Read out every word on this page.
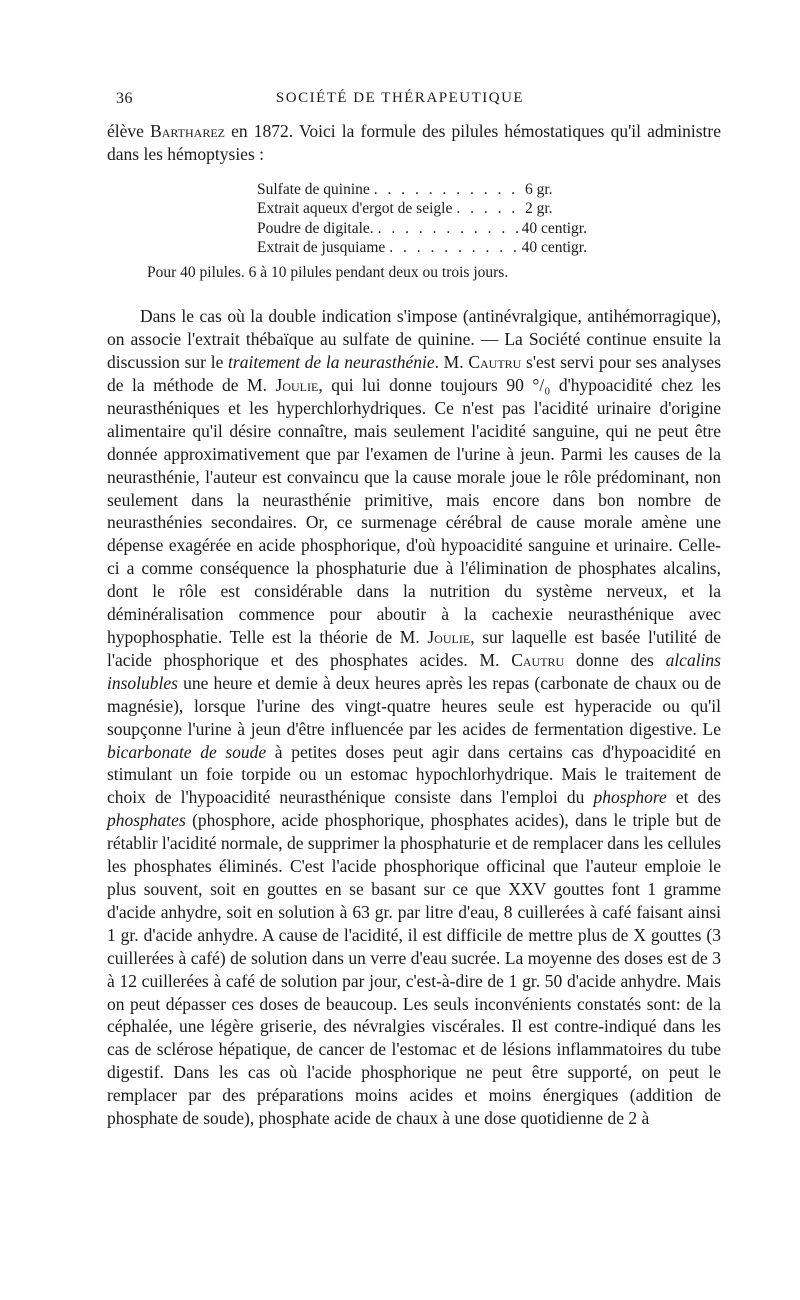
36	SOCIÉTÉ DE THÉRAPEUTIQUE

élève Bartharez en 1872. Voici la formule des pilules hémostatiques qu'il administre dans les hémoptysies :

Sulfate de quinine . . .	6 gr.
Extrait aqueux d'ergot de seigle . . .	2 gr.
Poudre de digitale. . . .	40 centigr.
Extrait de jusquiame . . .	40 centigr.
Pour 40 pilules. 6 à 10 pilules pendant deux ou trois jours.

Dans le cas où la double indication s'impose (antinévralgique, antihémorragique), on associe l'extrait thébaïque au sulfate de quinine. — La Société continue ensuite la discussion sur le traitement de la neurasthénie. M. Cautru s'est servi pour ses analyses de la méthode de M. Joulie, qui lui donne toujours 90 °/₀ d'hypoacidité chez les neurasthéniques et les hyperchlorhydriques. Ce n'est pas l'acidité urinaire d'origine alimentaire qu'il désire connaître, mais seulement l'acidité sanguine, qui ne peut être donnée approximativement que par l'examen de l'urine à jeun. Parmi les causes de la neurasthénie, l'auteur est convaincu que la cause morale joue le rôle prédominant, non seulement dans la neurasthénie primitive, mais encore dans bon nombre de neurasthénies secondaires. Or, ce surmenage cérébral de cause morale amène une dépense exagérée en acide phosphorique, d'où hypoacidité sanguine et urinaire. Celle-ci a comme conséquence la phosphaturie due à l'élimination de phosphates alcalins, dont le rôle est considérable dans la nutrition du système nerveux, et la déminéralisation commence pour aboutir à la cachexie neurasthénique avec hypophosphatie. Telle est la théorie de M. Joulie, sur laquelle est basée l'utilité de l'acide phosphorique et des phosphates acides. M. Cautru donne des alcalins insolubles une heure et demie à deux heures après les repas (carbonate de chaux ou de magnésie), lorsque l'urine des vingt-quatre heures seule est hyperacide ou qu'il soupçonne l'urine à jeun d'être influencée par les acides de fermentation digestive. Le bicarbonate de soude à petites doses peut agir dans certains cas d'hypoacidité en stimulant un foie torpide ou un estomac hypochlorhydrique. Mais le traitement de choix de l'hypoacidité neurasthénique consiste dans l'emploi du phosphore et des phosphates (phosphore, acide phosphorique, phosphates acides), dans le triple but de rétablir l'acidité normale, de supprimer la phosphaturie et de remplacer dans les cellules les phosphates éliminés. C'est l'acide phosphorique officinal que l'auteur emploie le plus souvent, soit en gouttes en se basant sur ce que XXV gouttes font 1 gramme d'acide anhydre, soit en solution à 63 gr. par litre d'eau, 8 cuillerées à café faisant ainsi 1 gr. d'acide anhydre. A cause de l'acidité, il est difficile de mettre plus de X gouttes (3 cuillerées à café) de solution dans un verre d'eau sucrée. La moyenne des doses est de 3 à 12 cuillerées à café de solution par jour, c'est-à-dire de 1 gr. 50 d'acide anhydre. Mais on peut dépasser ces doses de beaucoup. Les seuls inconvénients constatés sont: de la céphalée, une légère griserie, des névralgies viscérales. Il est contre-indiqué dans les cas de sclérose hépatique, de cancer de l'estomac et de lésions inflammatoires du tube digestif. Dans les cas où l'acide phosphorique ne peut être supporté, on peut le remplacer par des préparations moins acides et moins énergiques (addition de phosphate de soude), phosphate acide de chaux à une dose quotidienne de 2 à
